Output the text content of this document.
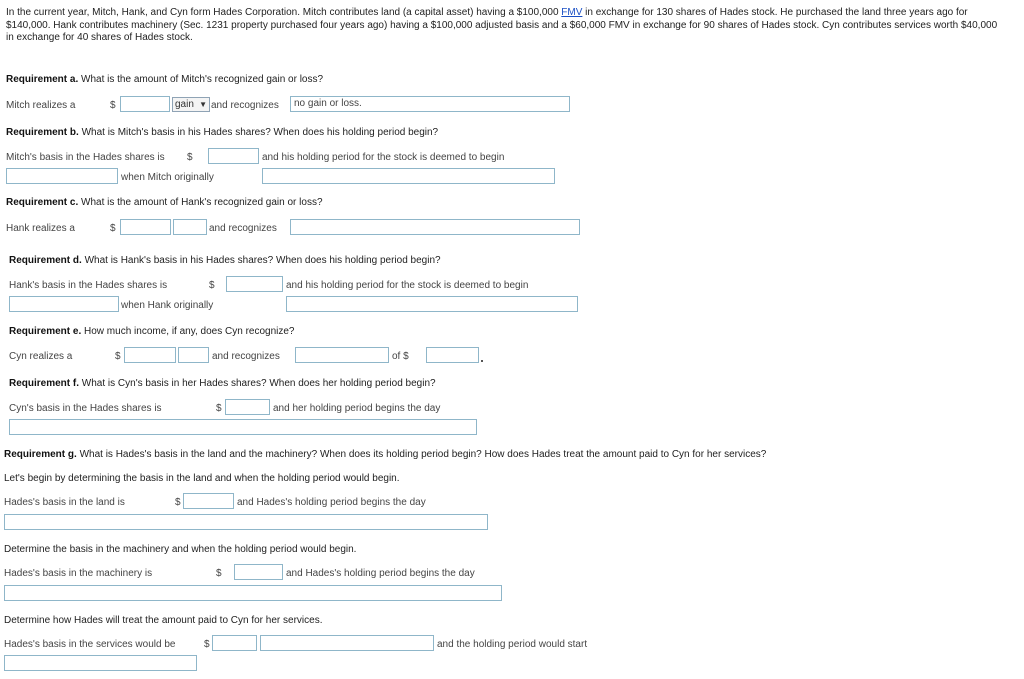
In the current year, Mitch, Hank, and Cyn form Hades Corporation. Mitch contributes land (a capital asset) having a $100,000 FMV in exchange for 130 shares of Hades stock. He purchased the land three years ago for $140,000. Hank contributes machinery (Sec. 1231 property purchased four years ago) having a $100,000 adjusted basis and a $60,000 FMV in exchange for 90 shares of Hades stock. Cyn contributes services worth $40,000 in exchange for 40 shares of Hades stock.
Requirement a. What is the amount of Mitch's recognized gain or loss?
Mitch realizes a	$	gain ▼ and recognizes	no gain or loss.
Requirement b. What is Mitch's basis in his Hades shares? When does his holding period begin?
Mitch's basis in the Hades shares is $	and his holding period for the stock is deemed to begin
when Mitch originally
Requirement c. What is the amount of Hank's recognized gain or loss?
Hank realizes a	$	and recognizes
Requirement d. What is Hank's basis in his Hades shares? When does his holding period begin?
Hank's basis in the Hades shares is	$	and his holding period for the stock is deemed to begin
when Hank originally
Requirement e. How much income, if any, does Cyn recognize?
Cyn realizes a	$	and recognizes	of $
Requirement f. What is Cyn's basis in her Hades shares? When does her holding period begin?
Cyn's basis in the Hades shares is	$	and her holding period begins the day
Requirement g. What is Hades's basis in the land and the machinery? When does its holding period begin? How does Hades treat the amount paid to Cyn for her services?
Let's begin by determining the basis in the land and when the holding period would begin.
Hades's basis in the land is	$	and Hades's holding period begins the day
Determine the basis in the machinery and when the holding period would begin.
Hades's basis in the machinery is	$	and Hades's holding period begins the day
Determine how Hades will treat the amount paid to Cyn for her services.
Hades's basis in the services would be	$	and the holding period would start
